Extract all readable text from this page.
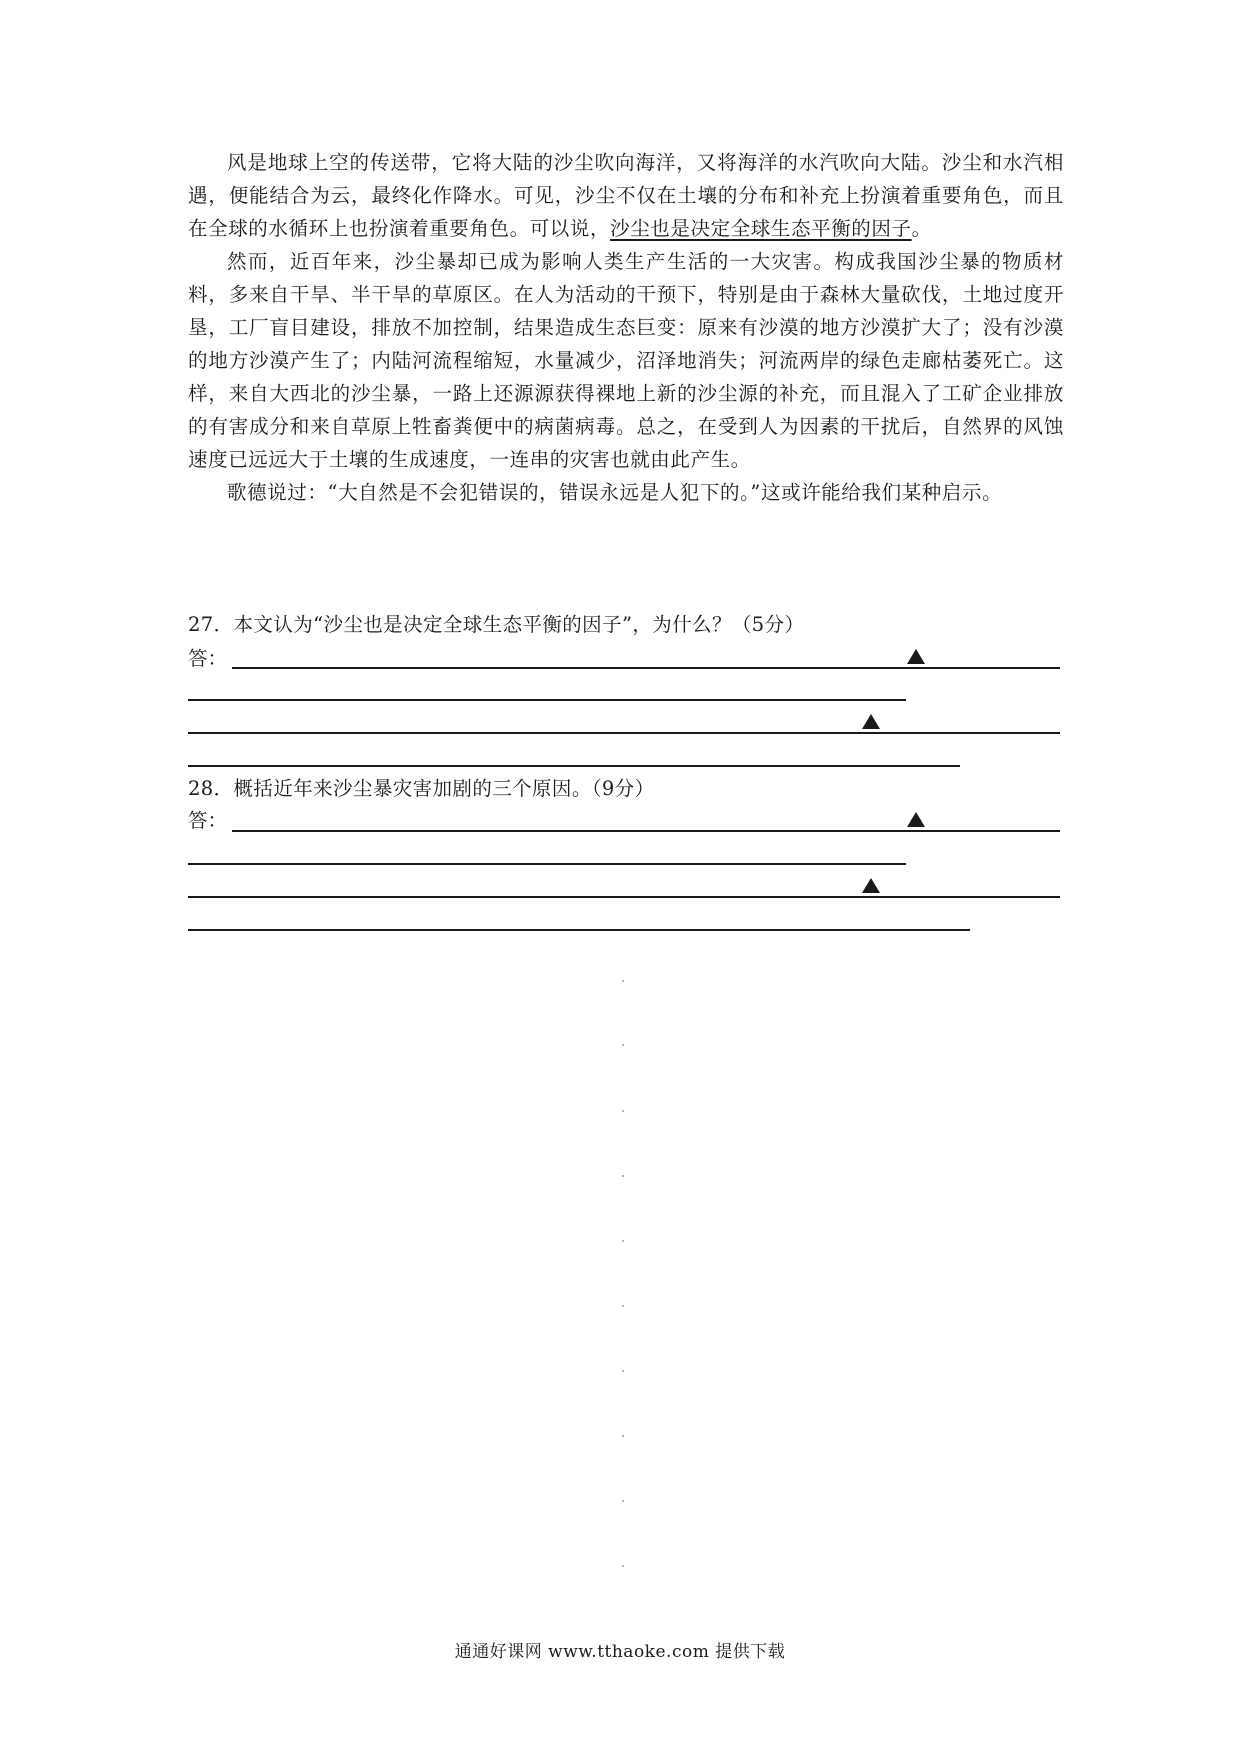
风是地球上空的传送带，它将大陆的沙尘吹向海洋，又将海洋的水汽吹向大陆。沙尘和水汽相遇，便能结合为云，最终化作降水。可见，沙尘不仅在土壤的分布和补充上扮演着重要角色，而且在全球的水循环上也扮演着重要角色。可以说，沙尘也是决定全球生态平衡的因子。

然而，近百年来，沙尘暴却已成为影响人类生产生活的一大灾害。构成我国沙尘暴的物质材料，多来自干旱、半干旱的草原区。在人为活动的干预下，特别是由于森林大量砍伐，土地过度开垦，工厂盲目建设，排放不加控制，结果造成生态巨变：原来有沙漠的地方沙漠扩大了；没有沙漠的地方沙漠产生了；内陆河流程缩短，水量减少，沼泽地消失；河流两岸的绿色走廊枯萎死亡。这样，来自大西北的沙尘暴，一路上还源源获得裸地上新的沙尘源的补充，而且混入了工矿企业排放的有害成分和来自草原上牲畜粪便中的病菌病毒。总之，在受到人为因素的干扰后，自然界的风蚀速度已远远大于土壤的生成速度，一连串的灾害也就由此产生。

歌德说过：“大自然是不会犯错误的，错误永远是人犯下的。”这或许能给我们某种启示。

27．本文认为“沙尘也是决定全球生态平衡的因子”，为什么？（5分）
答：
28．概括近年来沙尘暴灾害加剧的三个原因。（9分）
答：
通通好课网 www.tthaoke.com 提供下载
